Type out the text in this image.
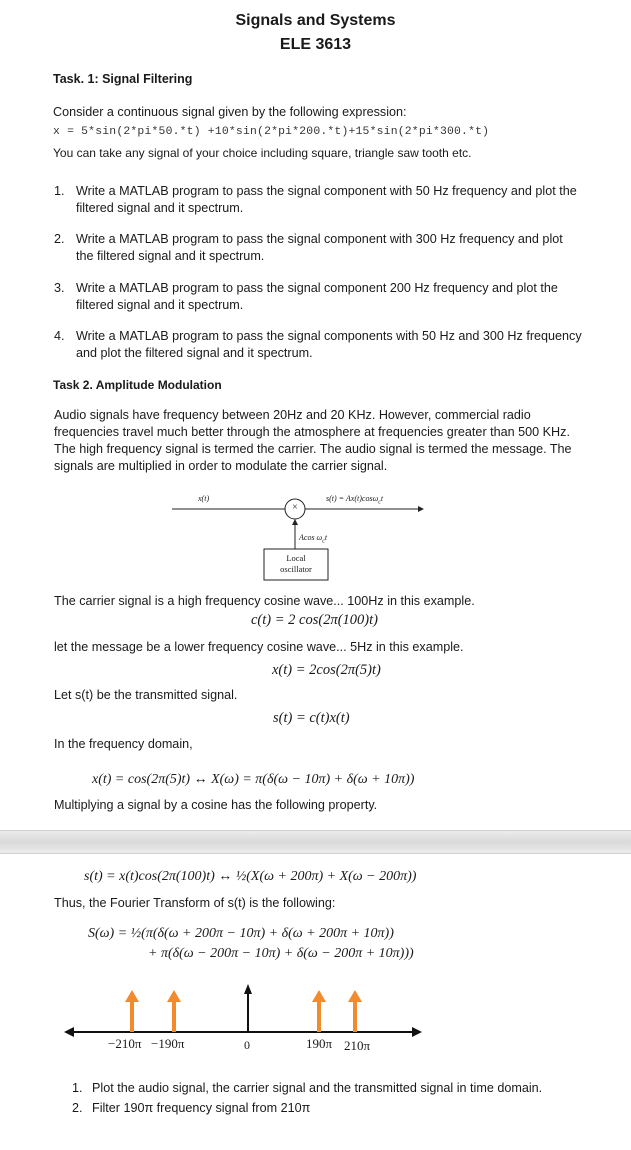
Signals and Systems
ELE 3613
Task. 1: Signal Filtering
Consider a continuous signal given by the following expression:
x = 5*sin(2*pi*50.*t) +10*sin(2*pi*200.*t)+15*sin(2*pi*300.*t)
You can take any signal of your choice including square, triangle saw tooth etc.
1. Write a MATLAB program to pass the signal component with 50 Hz frequency and plot the
filtered signal and it spectrum.
2. Write a MATLAB program to pass the signal component with 300 Hz frequency and plot
the filtered signal and it spectrum.
3. Write a MATLAB program to pass the signal component 200 Hz frequency and plot the
filtered signal and it spectrum.
4. Write a MATLAB program to pass the signal components with 50 Hz and 300 Hz frequency
and plot the filtered signal and it spectrum.
Task 2. Amplitude Modulation
Audio signals have frequency between 20Hz and 20 KHz. However, commercial radio
frequencies travel much better through the atmosphere at frequencies greater than 500 KHz.
The high frequency signal is termed the carrier. The audio signal is termed the message. The
signals are multiplied in order to modulate the carrier signal.
x(t)
×
s(t) = Ax(t)cosω$_c$t
Acos $\omega_ct$
Local
oscillator
The carrier signal is a high frequency cosine wave... 100Hz in this example.
c(t) = 2 cos(2π(100)t)
let the message be a lower frequency cosine wave... 5Hz in this example.
x(t) = 2cos(2π(5)t)
Let s(t) be the transmitted signal.
s(t) = c(t)x(t)
In the frequency domain,
x(t) = cos(2π(5)t) ↔ X(ω) = π(δ(ω − 10π) + δ(ω + 10π))
Multiplying a signal by a cosine has the following property.
s(t) = x(t)cos(2π(100)t) ↔ ½(X(ω + 200π) + X(ω − 200π))
Thus, the Fourier Transform of s(t) is the following:
S(ω) = ½(π(δ(ω + 200π − 10π) + δ(ω + 200π + 10π))
+ π(δ(ω − 200π − 10π) + δ(ω − 200π + 10π)))
−210π −190π	0	190π 210π
1. Plot the audio signal, the carrier signal and the transmitted signal in time domain.
2. Filter 190π frequency signal from 210π
